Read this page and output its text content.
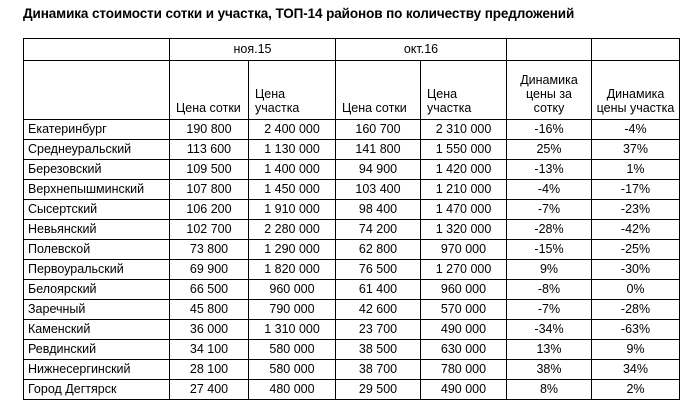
Динамика стоимости сотки и участка, ТОП-14 районов по количеству предложений
	ноя.15		окт.16			
	Цена сотки	Цена участка	Цена сотки	Цена участка	Динамика цены за сотку	Динамика цены участка
Екатеринбург	190 800	2 400 000	160 700	2 310 000	-16%	-4%
Среднеуральский	113 600	1 130 000	141 800	1 550 000	25%	37%
Березовский	109 500	1 400 000	94 900	1 420 000	-13%	1%
Верхнепышминский	107 800	1 450 000	103 400	1 210 000	-4%	-17%
Сысертский	106 200	1 910 000	98 400	1 470 000	-7%	-23%
Невьянский	102 700	2 280 000	74 200	1 320 000	-28%	-42%
Полевской	73 800	1 290 000	62 800	970 000	-15%	-25%
Первоуральский	69 900	1 820 000	76 500	1 270 000	9%	-30%
Белоярский	66 500	960 000	61 400	960 000	-8%	0%
Заречный	45 800	790 000	42 600	570 000	-7%	-28%
Каменский	36 000	1 310 000	23 700	490 000	-34%	-63%
Ревдинский	34 100	580 000	38 500	630 000	13%	9%
Нижнесергинский	28 100	580 000	38 700	780 000	38%	34%
Город Дегтярск	27 400	480 000	29 500	490 000	8%	2%
